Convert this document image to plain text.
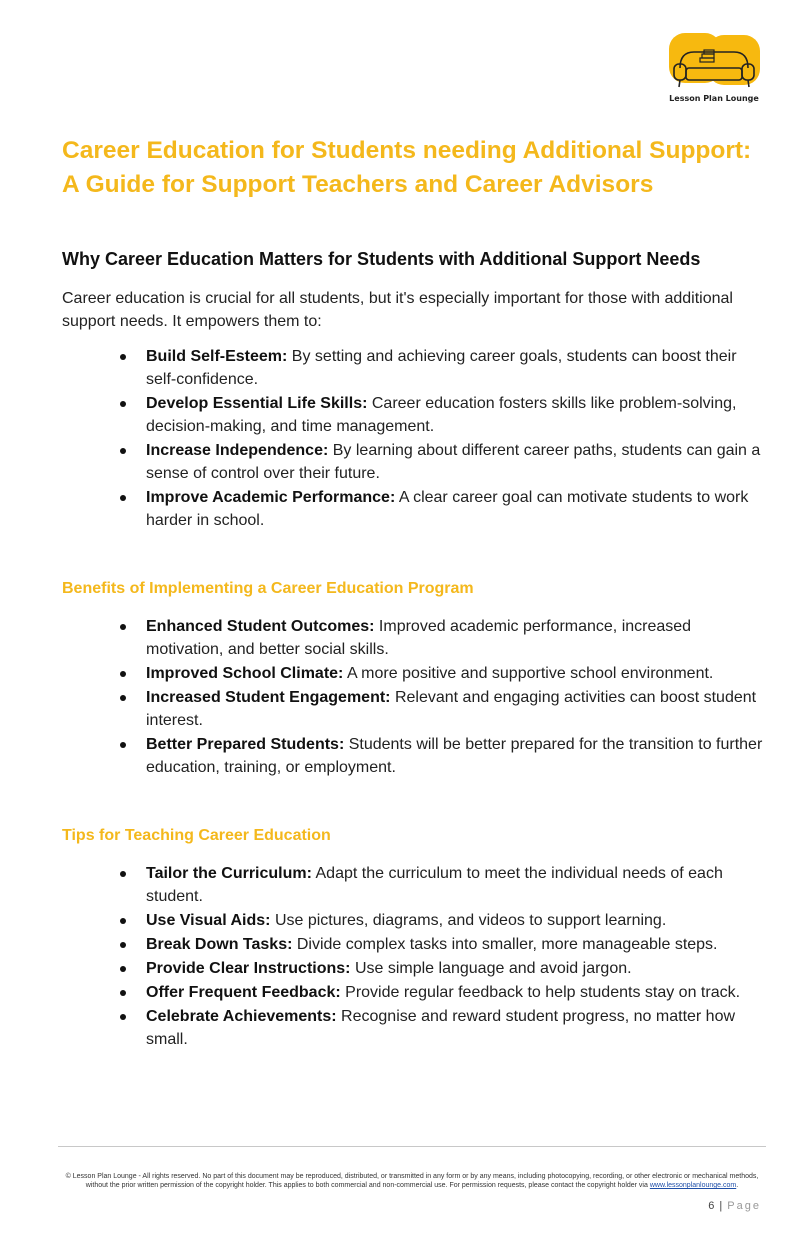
Lesson Plan Lounge
Career Education for Students needing Additional Support:
A Guide for Support Teachers and Career Advisors
Why Career Education Matters for Students with Additional Support Needs

Career education is crucial for all students, but it's especially important for those with additional support needs. It empowers them to:

Build Self-Esteem: By setting and achieving career goals, students can boost their self-confidence.
Develop Essential Life Skills: Career education fosters skills like problem-solving, decision-making, and time management.
Increase Independence: By learning about different career paths, students can gain a sense of control over their future.
Improve Academic Performance: A clear career goal can motivate students to work harder in school.
Benefits of Implementing a Career Education Program
Enhanced Student Outcomes: Improved academic performance, increased motivation, and better social skills.
Improved School Climate: A more positive and supportive school environment.
Increased Student Engagement: Relevant and engaging activities can boost student interest.
Better Prepared Students: Students will be better prepared for the transition to further education, training, or employment.
Tips for Teaching Career Education
Tailor the Curriculum: Adapt the curriculum to meet the individual needs of each student.
Use Visual Aids: Use pictures, diagrams, and videos to support learning.
Break Down Tasks: Divide complex tasks into smaller, more manageable steps.
Provide Clear Instructions: Use simple language and avoid jargon.
Offer Frequent Feedback: Provide regular feedback to help students stay on track.
Celebrate Achievements: Recognise and reward student progress, no matter how small.
© Lesson Plan Lounge - All rights reserved. No part of this document may be reproduced, distributed, or transmitted in any form or by any means, including photocopying, recording, or other electronic or mechanical methods, without the prior written permission of the copyright holder. This applies to both commercial and non-commercial use. For permission requests, please contact the copyright holder via www.lessonplanlounge.com.
6 | Page
